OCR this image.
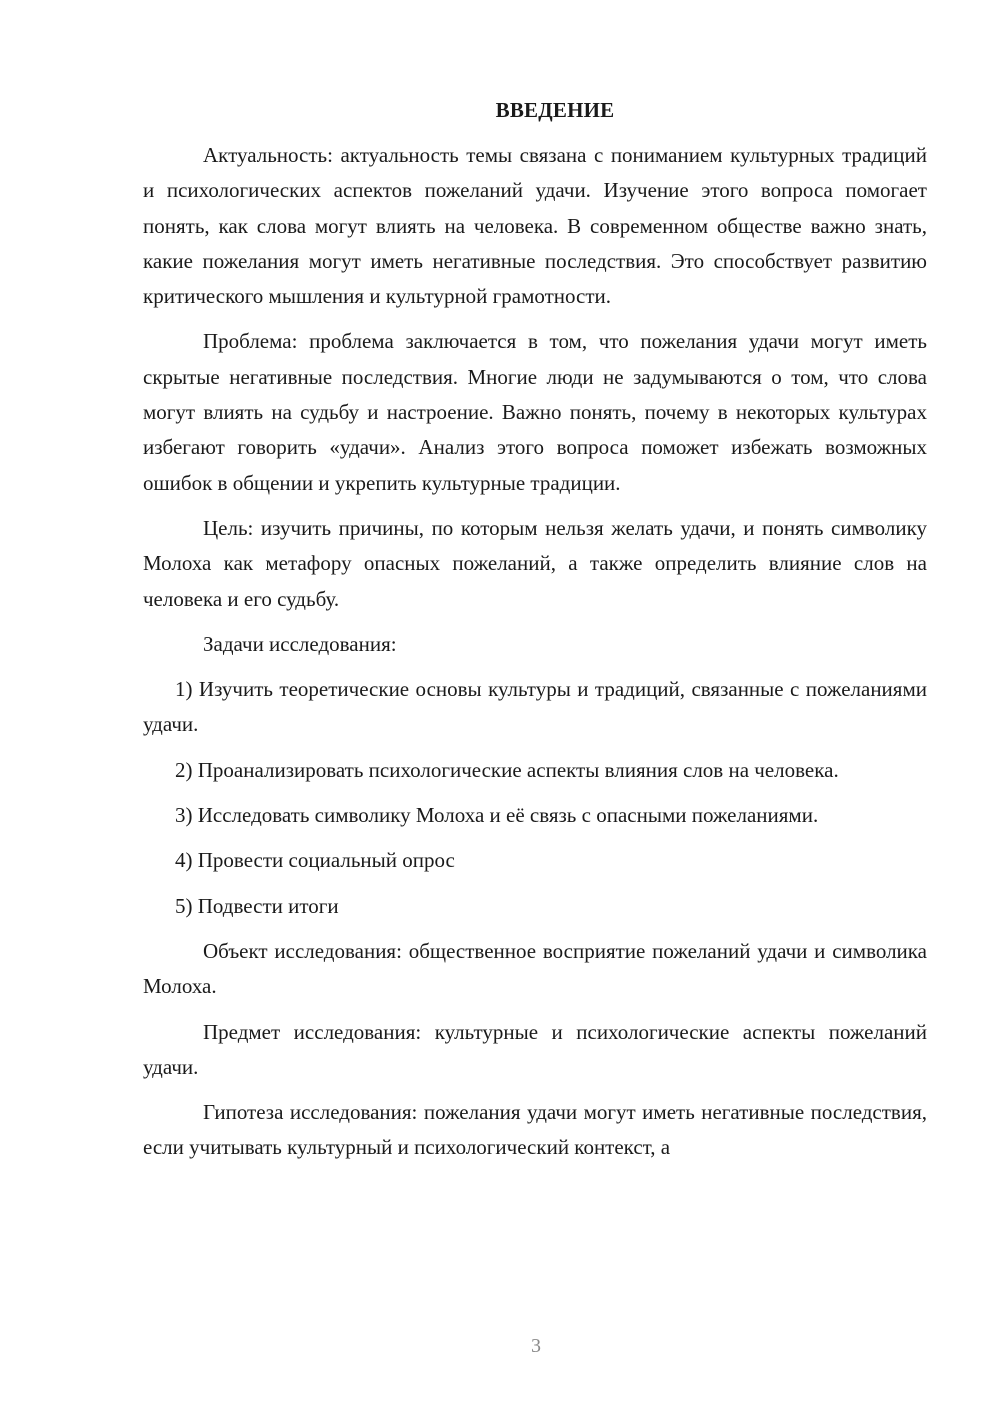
ВВЕДЕНИЕ

Актуальность: актуальность темы связана с пониманием культурных традиций и психологических аспектов пожеланий удачи. Изучение этого вопроса помогает понять, как слова могут влиять на человека. В современном обществе важно знать, какие пожелания могут иметь негативные последствия. Это способствует развитию критического мышления и культурной грамотности.

Проблема: проблема заключается в том, что пожелания удачи могут иметь скрытые негативные последствия. Многие люди не задумываются о том, что слова могут влиять на судьбу и настроение. Важно понять, почему в некоторых культурах избегают говорить «удачи». Анализ этого вопроса поможет избежать возможных ошибок в общении и укрепить культурные традиции.

Цель: изучить причины, по которым нельзя желать удачи, и понять символику Молоха как метафору опасных пожеланий, а также определить влияние слов на человека и его судьбу.

Задачи исследования:

1) Изучить теоретические основы культуры и традиций, связанные с пожеланиями удачи.

2) Проанализировать психологические аспекты влияния слов на человека.

3) Исследовать символику Молоха и её связь с опасными пожеланиями.

4) Провести социальный опрос

5) Подвести итоги

Объект исследования: общественное восприятие пожеланий удачи и символика Молоха.

Предмет исследования: культурные и психологические аспекты пожеланий удачи.

Гипотеза исследования: пожелания удачи могут иметь негативные последствия, если учитывать культурный и психологический контекст, а

3
